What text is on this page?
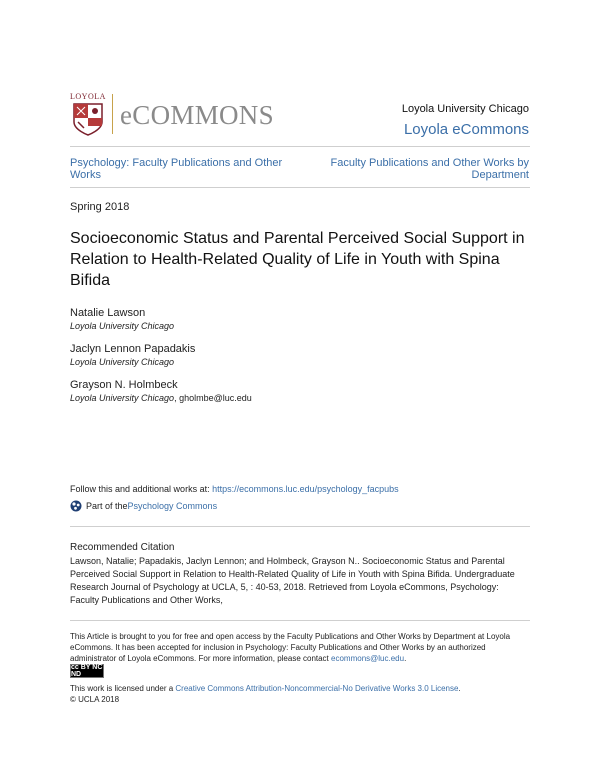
LOYOLA
eCOMMONS	Loyola University Chicago
Loyola eCommons
Psychology: Faculty Publications and Other Works
Faculty Publications and Other Works by Department
Spring 2018
Socioeconomic Status and Parental Perceived Social Support in Relation to Health-Related Quality of Life in Youth with Spina Bifida
Natalie Lawson
Loyola University Chicago
Jaclyn Lennon Papadakis
Loyola University Chicago
Grayson N. Holmbeck
Loyola University Chicago, gholmbe@luc.edu
Follow this and additional works at: https://ecommons.luc.edu/psychology_facpubs
Part of the Psychology Commons
Recommended Citation
Lawson, Natalie; Papadakis, Jaclyn Lennon; and Holmbeck, Grayson N.. Socioeconomic Status and Parental Perceived Social Support in Relation to Health-Related Quality of Life in Youth with Spina Bifida. Undergraduate Research Journal of Psychology at UCLA, 5, : 40-53, 2018. Retrieved from Loyola eCommons, Psychology: Faculty Publications and Other Works,
This Article is brought to you for free and open access by the Faculty Publications and Other Works by Department at Loyola eCommons. It has been accepted for inclusion in Psychology: Faculty Publications and Other Works by an authorized administrator of Loyola eCommons. For more information, please contact ecommons@luc.edu.
cc BY NC ND
This work is licensed under a Creative Commons Attribution-Noncommercial-No Derivative Works 3.0 License.
© UCLA 2018
